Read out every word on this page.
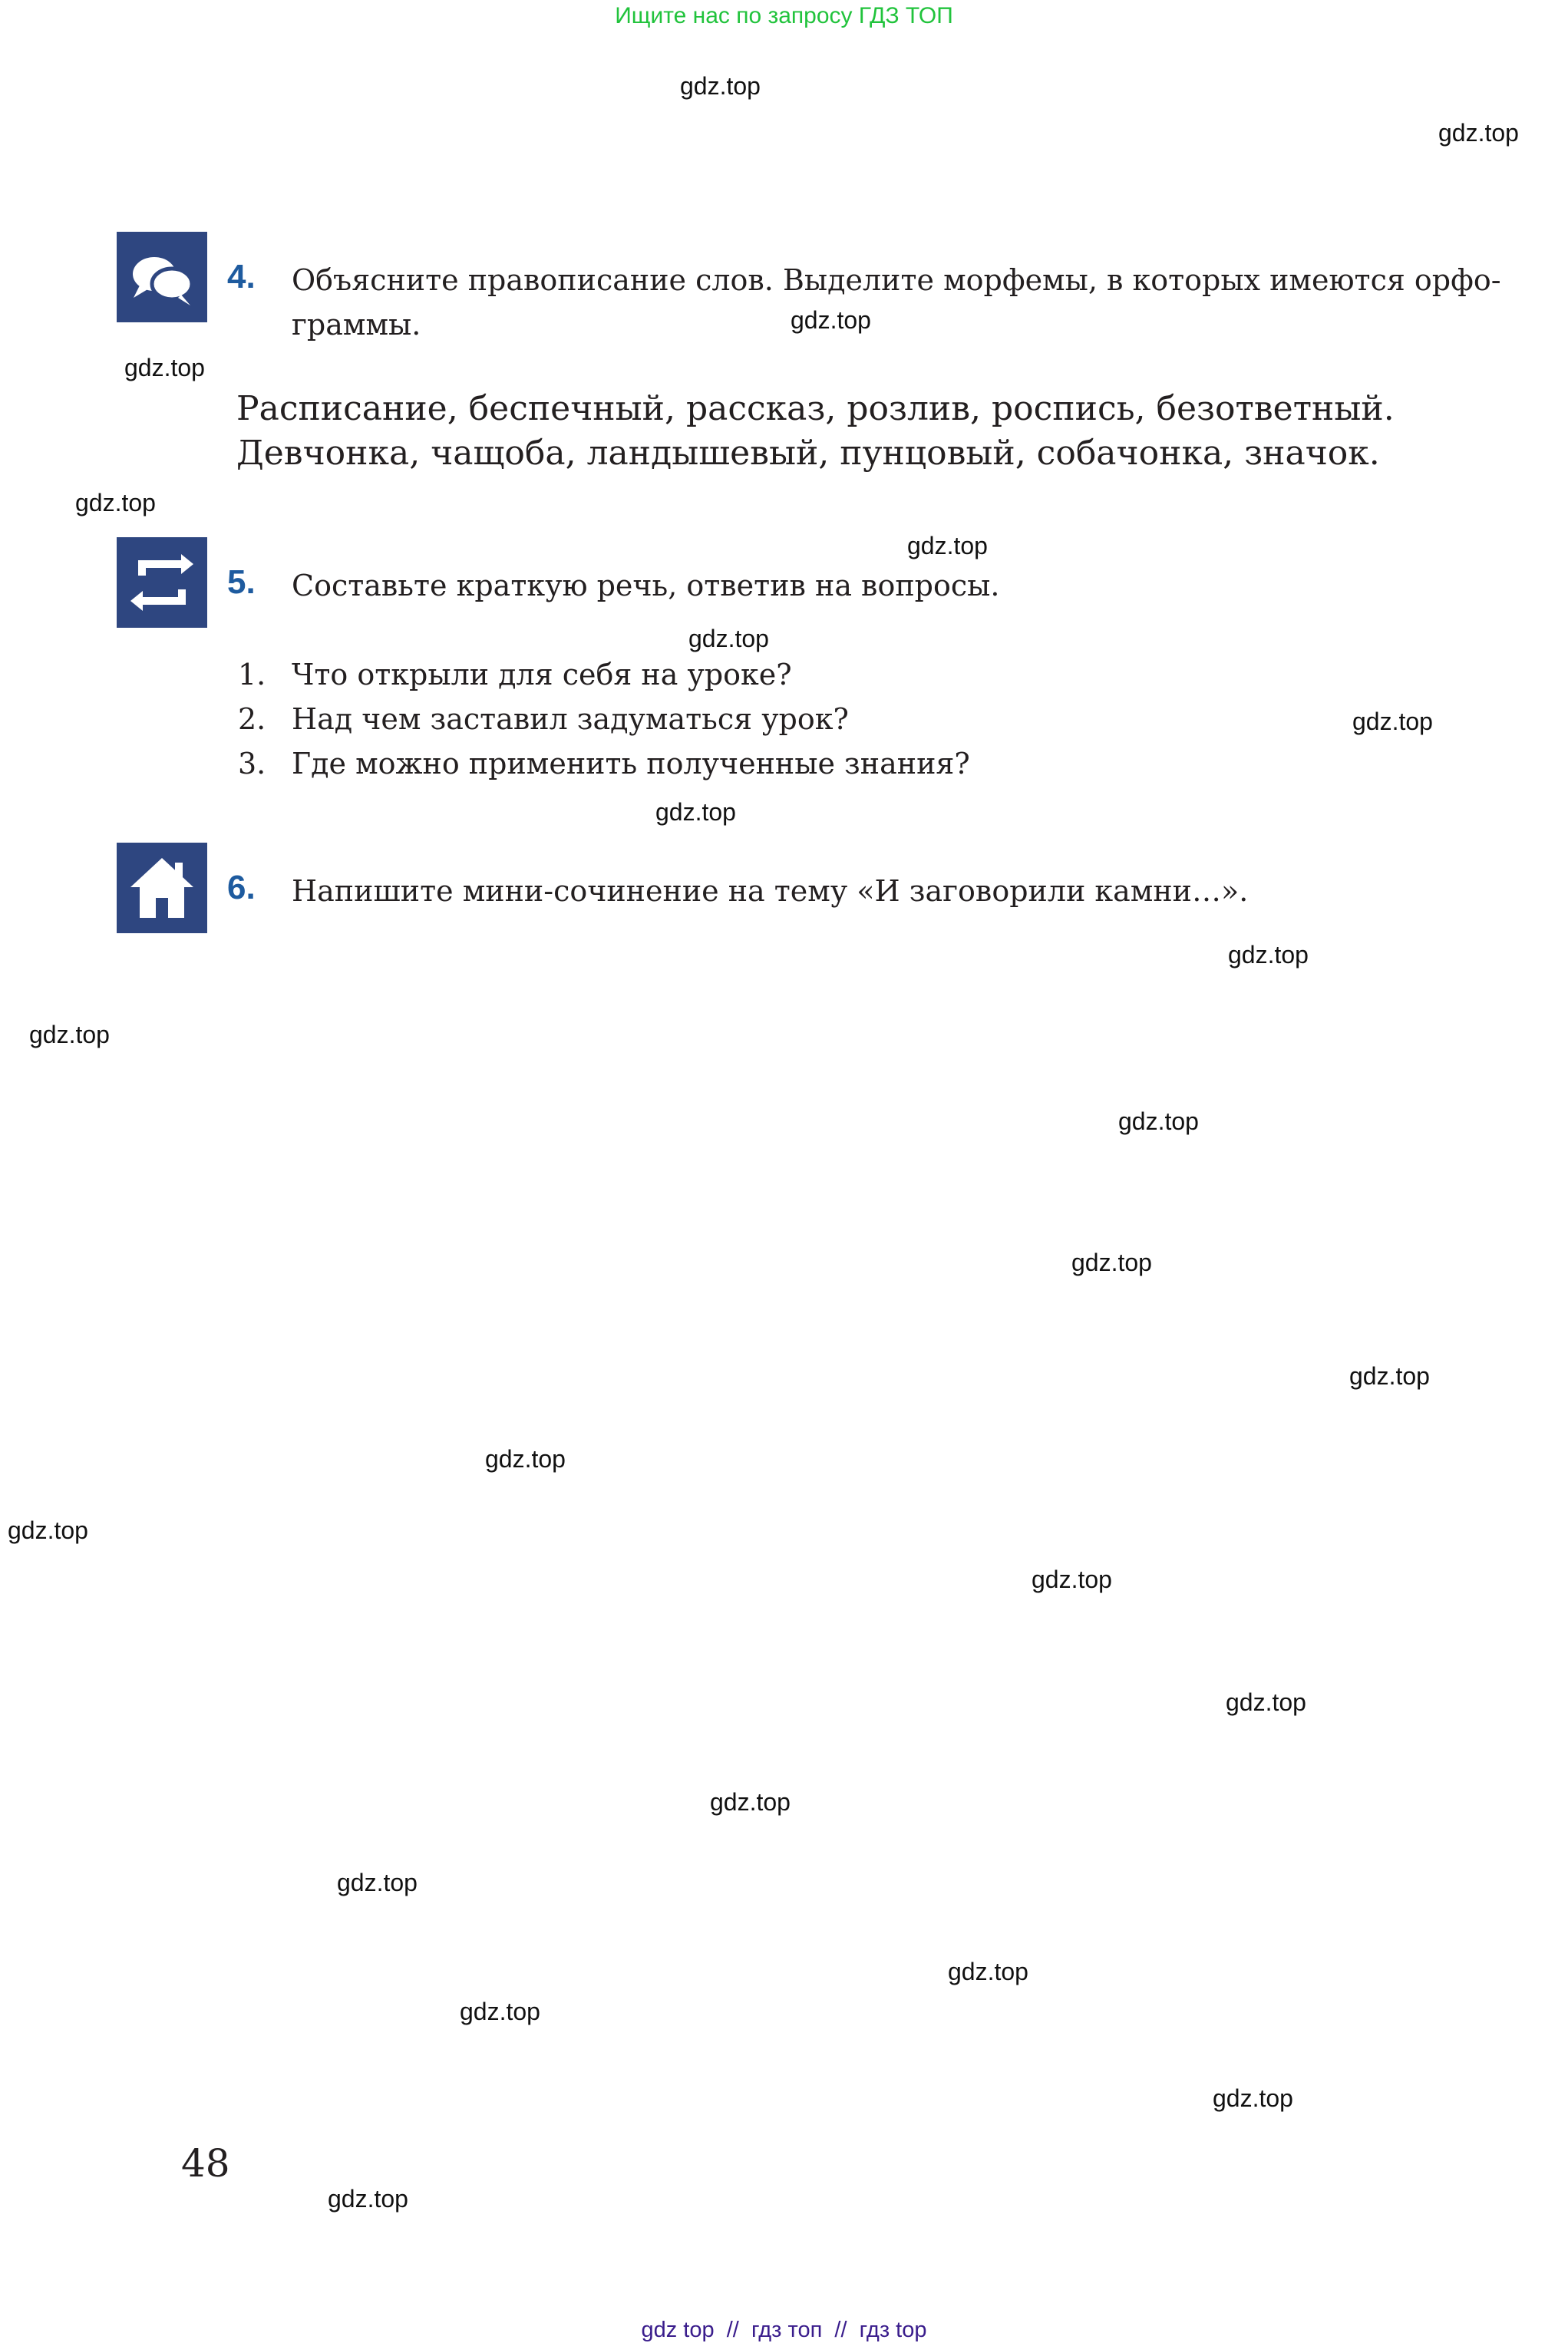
Ищите нас по запросу ГДЗ ТОП
gdz.top
gdz.top
gdz.top
gdz.top
gdz.top
gdz.top
gdz.top
gdz.top
gdz.top
gdz.top
gdz.top
gdz.top
gdz.top
gdz.top
gdz.top
gdz.top
gdz.top
gdz.top
gdz.top
gdz.top
gdz.top
gdz.top
gdz.top
gdz.top
4. Объясните правописание слов. Выделите морфемы, в которых имеются орфо-
граммы.
Расписание, беспечный, рассказ, розлив, роспись, безответный.
Девчонка, чащоба, ландышевый, пунцовый, собачонка, значок.
5. Составьте краткую речь, ответив на вопросы.
1. Что открыли для себя на уроке?
2. Над чем заставил задуматься урок?
3. Где можно применить полученные знания?
6. Напишите мини-сочинение на тему «И заговорили камни…».
48
gdz top  //  гдз топ  //  гдз top
